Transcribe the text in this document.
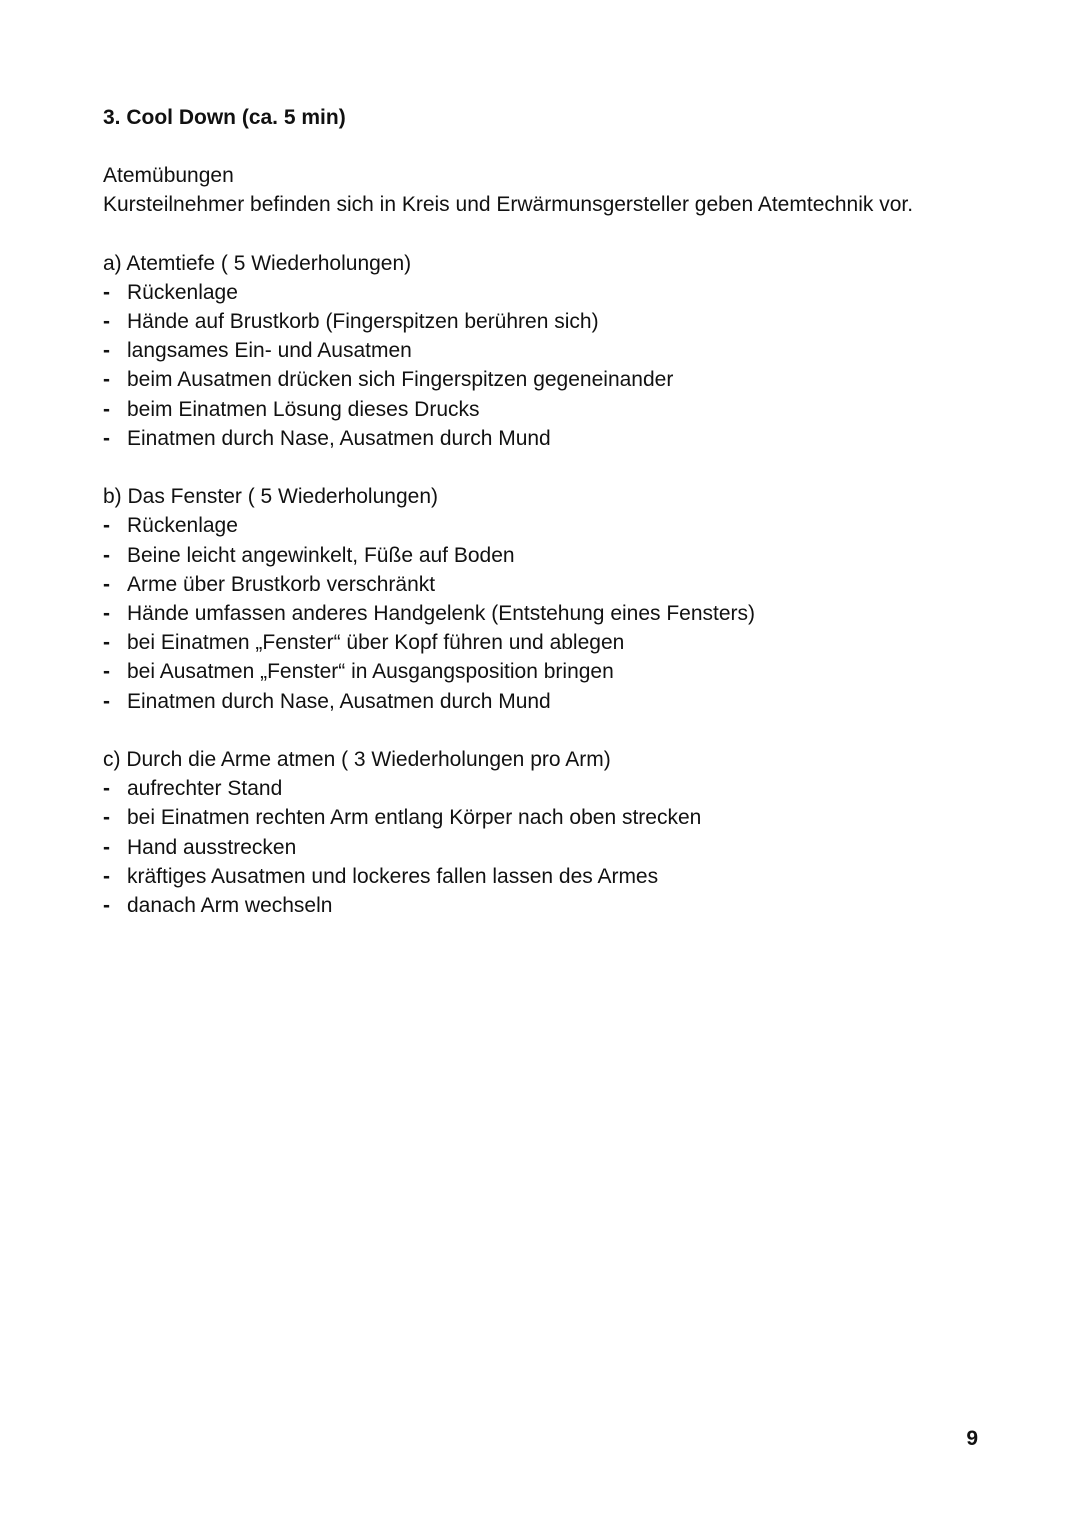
3. Cool Down (ca. 5 min)
Atemübungen
Kursteilnehmer befinden sich in Kreis und Erwärmunsgersteller geben Atemtechnik vor.
a) Atemtiefe ( 5 Wiederholungen)
- Rückenlage
- Hände auf Brustkorb (Fingerspitzen berühren sich)
- langsames Ein- und Ausatmen
- beim Ausatmen drücken sich Fingerspitzen gegeneinander
- beim Einatmen Lösung dieses Drucks
- Einatmen durch Nase, Ausatmen durch Mund
b) Das Fenster ( 5 Wiederholungen)
- Rückenlage
- Beine leicht angewinkelt, Füße auf Boden
- Arme über Brustkorb verschränkt
- Hände umfassen anderes Handgelenk (Entstehung eines Fensters)
- bei Einatmen „Fenster“ über Kopf führen und ablegen
- bei Ausatmen „Fenster“ in Ausgangsposition bringen
- Einatmen durch Nase, Ausatmen durch Mund
c) Durch die Arme atmen ( 3 Wiederholungen pro Arm)
- aufrechter Stand
- bei Einatmen rechten Arm entlang Körper nach oben strecken
- Hand ausstrecken
- kräftiges Ausatmen und lockeres fallen lassen des Armes
- danach Arm wechseln
9
